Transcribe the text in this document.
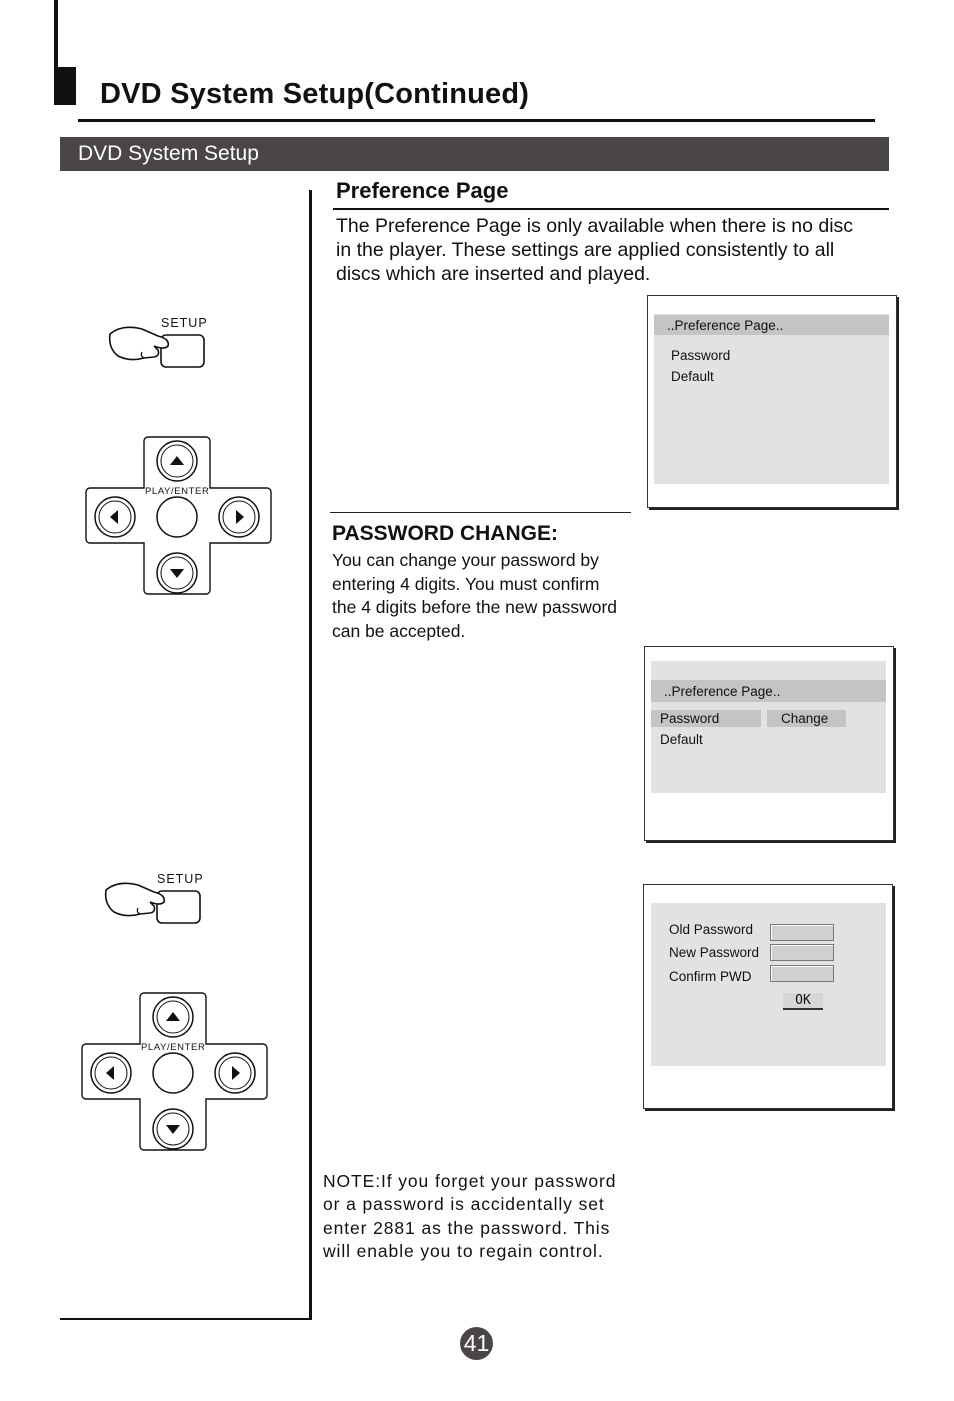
DVD System Setup(Continued)
DVD System Setup
SETUP
PLAY/ENTER
SETUP
PLAY/ENTER
Preference Page
The Preference Page is only available when there is no disc
in the player. These settings are applied consistently to all
discs which are inserted and played.
..Preference Page..
Password
Default
PASSWORD CHANGE:
You can change your password by
entering 4 digits. You must confirm
the 4 digits before the new password
can be accepted.
..Preference Page..
Password	Change
Default
Old Password
New Password
Confirm PWD
OK
NOTE:If you forget your password
or a password is accidentally set
enter 2881 as the password. This
will enable you to regain control.
41
